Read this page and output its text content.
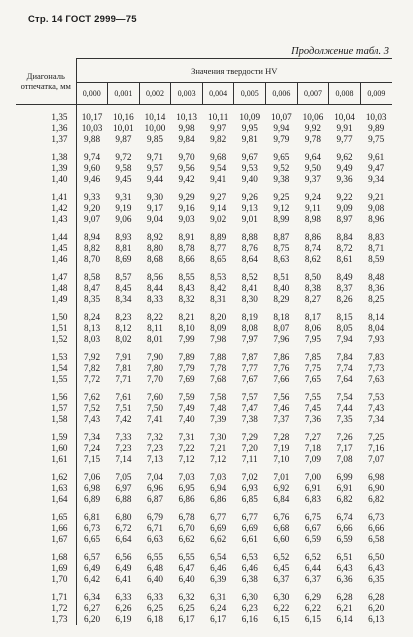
Стр. 14 ГОСТ 2999—75
Продолжение табл. 3
Диагональ отпечатка, мм	Значения твердости HV									
	0,000	0,001	0,002	0,003	0,004	0,005	0,006	0,007	0,008	0,009

1,35	10,17	10,16	10,14	10,13	10,11	10,09	10,07	10,06	10,04	10,03
1,36	10,03	10,01	10,00	9,98	9,97	9,95	9,94	9,92	9,91	9,89
1,37	9,88	9,87	9,85	9,84	9,82	9,81	9,79	9,78	9,77	9,75

1,38	9,74	9,72	9,71	9,70	9,68	9,67	9,65	9,64	9,62	9,61
1,39	9,60	9,58	9,57	9,56	9,54	9,53	9,52	9,50	9,49	9,47
1,40	9,46	9,45	9,44	9,42	9,41	9,40	9,38	9,37	9,36	9,34

1,41	9,33	9,31	9,30	9,29	9,27	9,26	9,25	9,24	9,22	9,21
1,42	9,20	9,19	9,17	9,16	9,14	9,13	9,12	9,11	9,09	9,08
1,43	9,07	9,06	9,04	9,03	9,02	9,01	8,99	8,98	8,97	8,96

1,44	8,94	8,93	8,92	8,91	8,89	8,88	8,87	8,86	8,84	8,83
1,45	8,82	8,81	8,80	8,78	8,77	8,76	8,75	8,74	8,72	8,71
1,46	8,70	8,69	8,68	8,66	8,65	8,64	8,63	8,62	8,61	8,59

1,47	8,58	8,57	8,56	8,55	8,53	8,52	8,51	8,50	8,49	8,48
1,48	8,47	8,45	8,44	8,43	8,42	8,41	8,40	8,38	8,37	8,36
1,49	8,35	8,34	8,33	8,32	8,31	8,30	8,29	8,27	8,26	8,25

1,50	8,24	8,23	8,22	8,21	8,20	8,19	8,18	8,17	8,15	8,14
1,51	8,13	8,12	8,11	8,10	8,09	8,08	8,07	8,06	8,05	8,04
1,52	8,03	8,02	8,01	7,99	7,98	7,97	7,96	7,95	7,94	7,93

1,53	7,92	7,91	7,90	7,89	7,88	7,87	7,86	7,85	7,84	7,83
1,54	7,82	7,81	7,80	7,79	7,78	7,77	7,76	7,75	7,74	7,73
1,55	7,72	7,71	7,70	7,69	7,68	7,67	7,66	7,65	7,64	7,63

1,56	7,62	7,61	7,60	7,59	7,58	7,57	7,56	7,55	7,54	7,53
1,57	7,52	7,51	7,50	7,49	7,48	7,47	7,46	7,45	7,44	7,43
1,58	7,43	7,42	7,41	7,40	7,39	7,38	7,37	7,36	7,35	7,34

1,59	7,34	7,33	7,32	7,31	7,30	7,29	7,28	7,27	7,26	7,25
1,60	7,24	7,23	7,23	7,22	7,21	7,20	7,19	7,18	7,17	7,16
1,61	7,15	7,14	7,13	7,12	7,12	7,11	7,10	7,09	7,08	7,07

1,62	7,06	7,05	7,04	7,03	7,03	7,02	7,01	7,00	6,99	6,98
1,63	6,98	6,97	6,96	6,95	6,94	6,93	6,92	6,91	6,91	6,90
1,64	6,89	6,88	6,87	6,86	6,86	6,85	6,84	6,83	6,82	6,82

1,65	6,81	6,80	6,79	6,78	6,77	6,77	6,76	6,75	6,74	6,73
1,66	6,73	6,72	6,71	6,70	6,69	6,69	6,68	6,67	6,66	6,66
1,67	6,65	6,64	6,63	6,62	6,62	6,61	6,60	6,59	6,59	6,58

1,68	6,57	6,56	6,55	6,55	6,54	6,53	6,52	6,52	6,51	6,50
1,69	6,49	6,49	6,48	6,47	6,46	6,46	6,45	6,44	6,43	6,43
1,70	6,42	6,41	6,40	6,40	6,39	6,38	6,37	6,37	6,36	6,35

1,71	6,34	6,33	6,33	6,32	6,31	6,30	6,30	6,29	6,28	6,28
1,72	6,27	6,26	6,25	6,25	6,24	6,23	6,22	6,22	6,21	6,20
1,73	6,20	6,19	6,18	6,17	6,17	6,16	6,15	6,15	6,14	6,13
